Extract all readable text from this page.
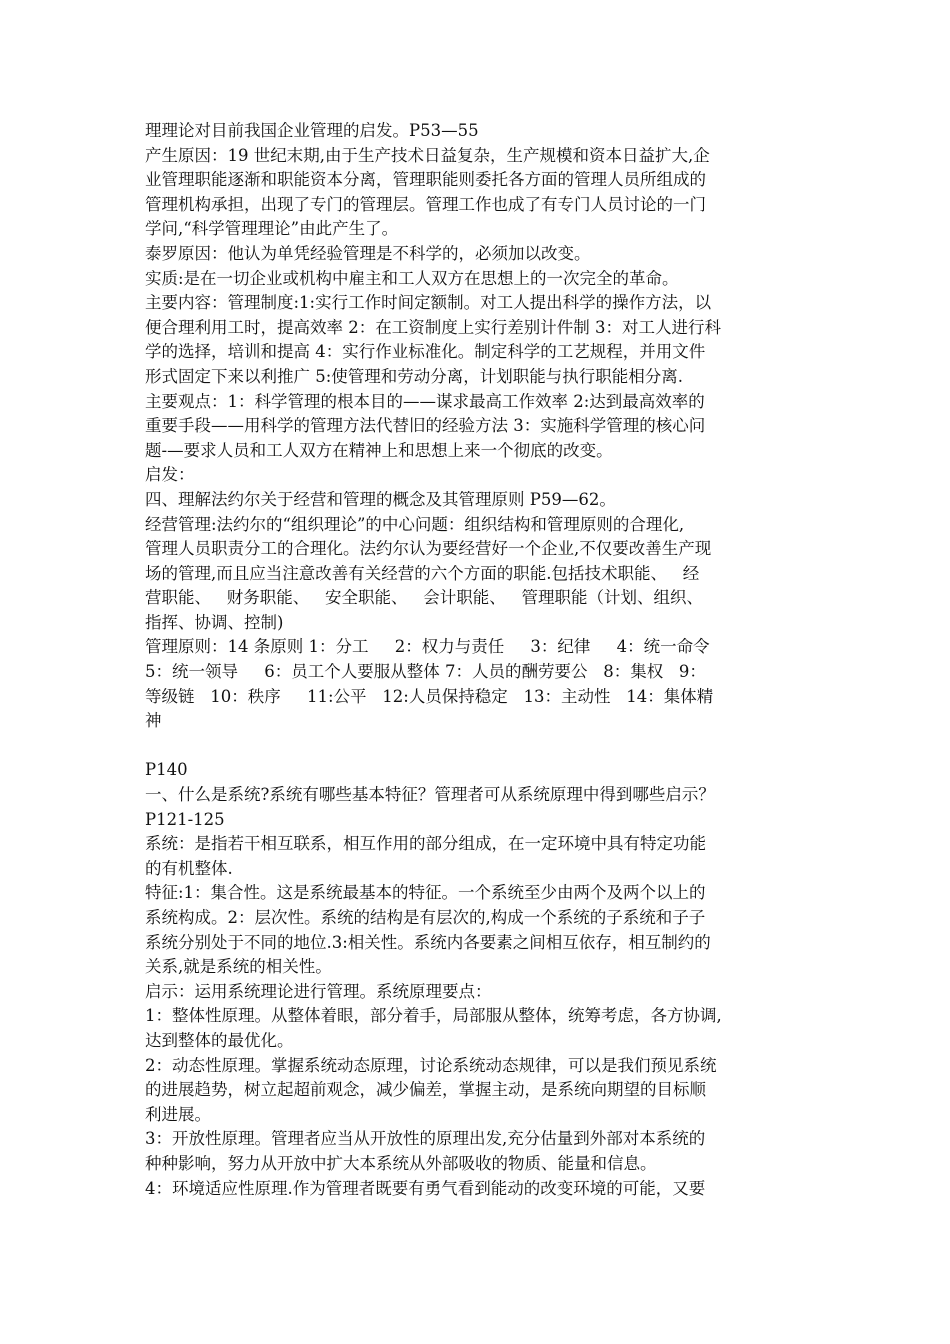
理理论对目前我国企业管理的启发。P53—55
产生原因：19 世纪末期,由于生产技术日益复杂，生产规模和资本日益扩大,企
业管理职能逐渐和职能资本分离，管理职能则委托各方面的管理人员所组成的
管理机构承担，出现了专门的管理层。管理工作也成了有专门人员讨论的一门
学问,“科学管理理论”由此产生了。
泰罗原因：他认为单凭经验管理是不科学的，必须加以改变。
实质:是在一切企业或机构中雇主和工人双方在思想上的一次完全的革命。
主要内容：管理制度:1:实行工作时间定额制。对工人提出科学的操作方法，以
便合理利用工时，提高效率 2：在工资制度上实行差别计件制 3：对工人进行科
学的选择，培训和提高 4：实行作业标准化。制定科学的工艺规程，并用文件
形式固定下来以利推广 5:使管理和劳动分离，计划职能与执行职能相分离.
主要观点：1：科学管理的根本目的——谋求最高工作效率 2:达到最高效率的
重要手段——用科学的管理方法代替旧的经验方法 3：实施科学管理的核心问
题-—要求人员和工人双方在精神上和思想上来一个彻底的改变。
启发：
四、理解法约尔关于经营和管理的概念及其管理原则 P59—62。
经营管理:法约尔的“组织理论”的中心问题：组织结构和管理原则的合理化,
管理人员职责分工的合理化。法约尔认为要经营好一个企业,不仅要改善生产现
场的管理,而且应当注意改善有关经营的六个方面的职能.包括技术职能、   经
营职能、   财务职能、   安全职能、   会计职能、   管理职能（计划、组织、
指挥、协调、控制)
管理原则：14 条原则 1：分工     2：权力与责任     3：纪律     4：统一命令
5：统一领导     6：员工个人要服从整体 7：人员的酬劳要公   8：集权   9：
等级链   10：秩序     11:公平   12:人员保持稳定   13：主动性   14：集体精
神
P140
一、什么是系统?系统有哪些基本特征？管理者可从系统原理中得到哪些启示？
P121-125
系统：是指若干相互联系，相互作用的部分组成，在一定环境中具有特定功能
的有机整体.
特征:1：集合性。这是系统最基本的特征。一个系统至少由两个及两个以上的
系统构成。2：层次性。系统的结构是有层次的,构成一个系统的子系统和子子
系统分别处于不同的地位.3:相关性。系统内各要素之间相互依存，相互制约的
关系,就是系统的相关性。
启示：运用系统理论进行管理。系统原理要点：
1：整体性原理。从整体着眼，部分着手，局部服从整体，统筹考虑，各方协调,
达到整体的最优化。
2：动态性原理。掌握系统动态原理，讨论系统动态规律，可以是我们预见系统
的进展趋势，树立起超前观念，减少偏差，掌握主动，是系统向期望的目标顺
利进展。
3：开放性原理。管理者应当从开放性的原理出发,充分估量到外部对本系统的
种种影响，努力从开放中扩大本系统从外部吸收的物质、能量和信息。
4：环境适应性原理.作为管理者既要有勇气看到能动的改变环境的可能，又要
